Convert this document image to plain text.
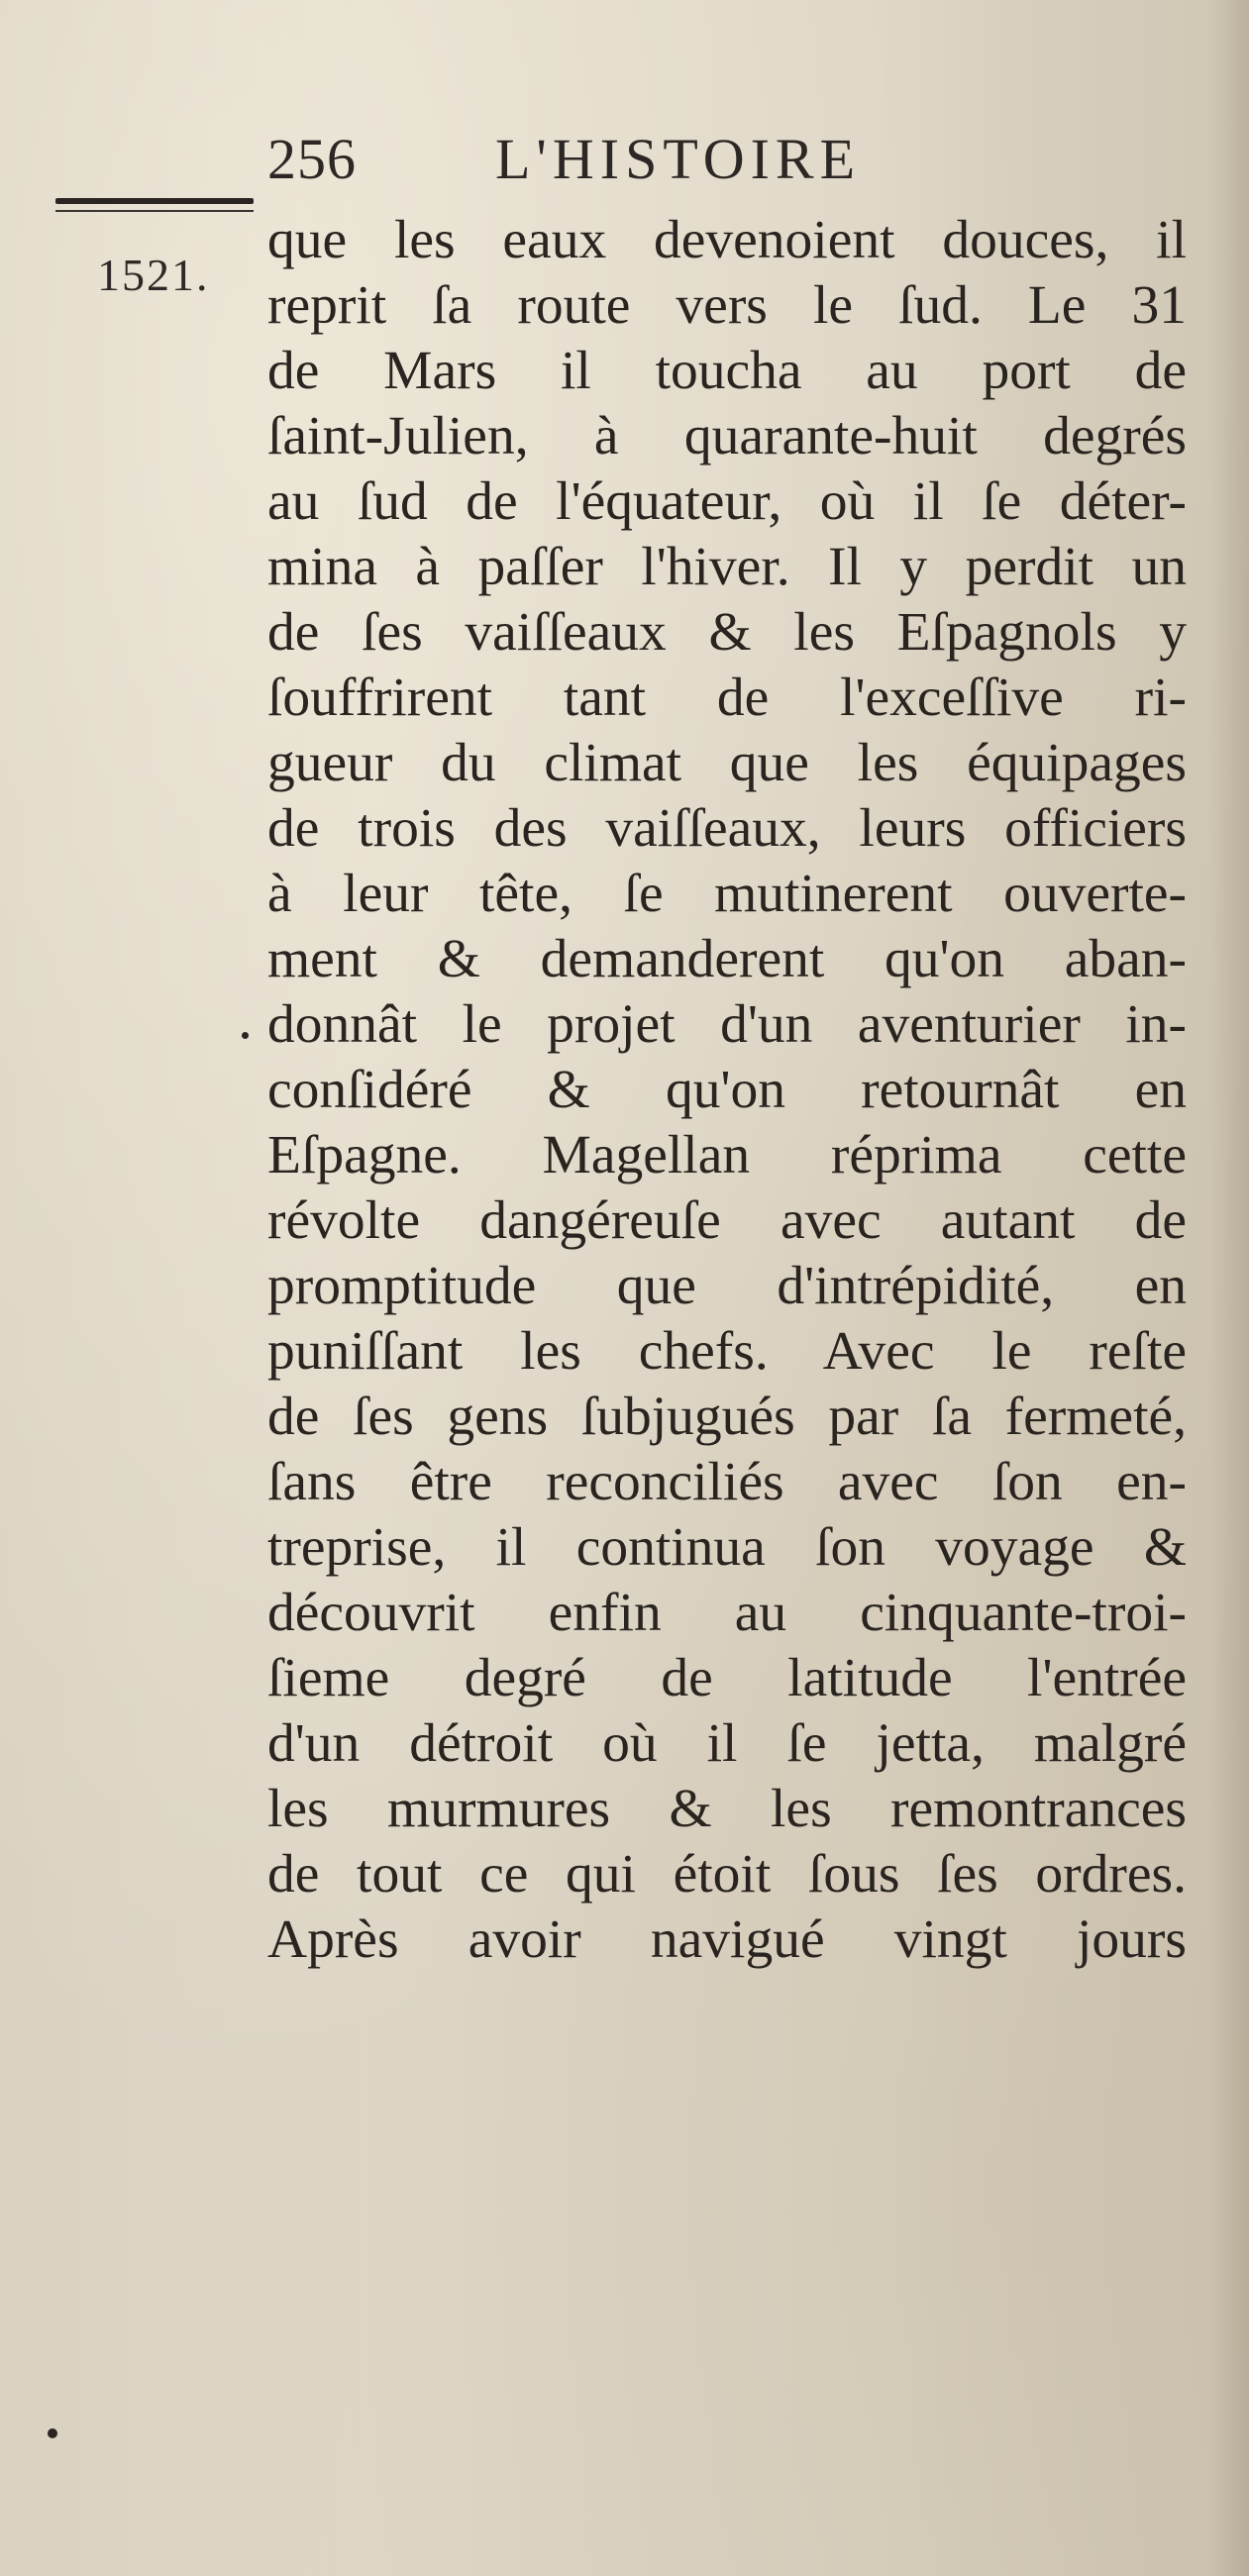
256 L'HISTOIRE
1521.
que les eaux devenoient douces, il
reprit ſa route vers le ſud. Le 31
de Mars il toucha au port de
ſaint-Julien, à quarante-huit degrés
au ſud de l'équateur, où il ſe déter-
mina à paſſer l'hiver. Il y perdit un
de ſes vaiſſeaux & les Eſpagnols y
ſouffrirent tant de l'exceſſive ri-
gueur du climat que les équipages
de trois des vaiſſeaux, leurs officiers
à leur tête, ſe mutinerent ouverte-
ment & demanderent qu'on aban-
donnât le projet d'un aventurier in-
conſidéré & qu'on retournât en
Eſpagne. Magellan réprima cette
révolte dangéreuſe avec autant de
promptitude que d'intrépidité, en
puniſſant les chefs. Avec le reſte
de ſes gens ſubjugués par ſa fermeté,
ſans être reconciliés avec ſon en-
treprise, il continua ſon voyage &
découvrit enfin au cinquante-troi-
ſieme degré de latitude l'entrée
d'un détroit où il ſe jetta, malgré
les murmures & les remontrances
de tout ce qui étoit ſous ſes ordres.
Après avoir navigué vingt jours
